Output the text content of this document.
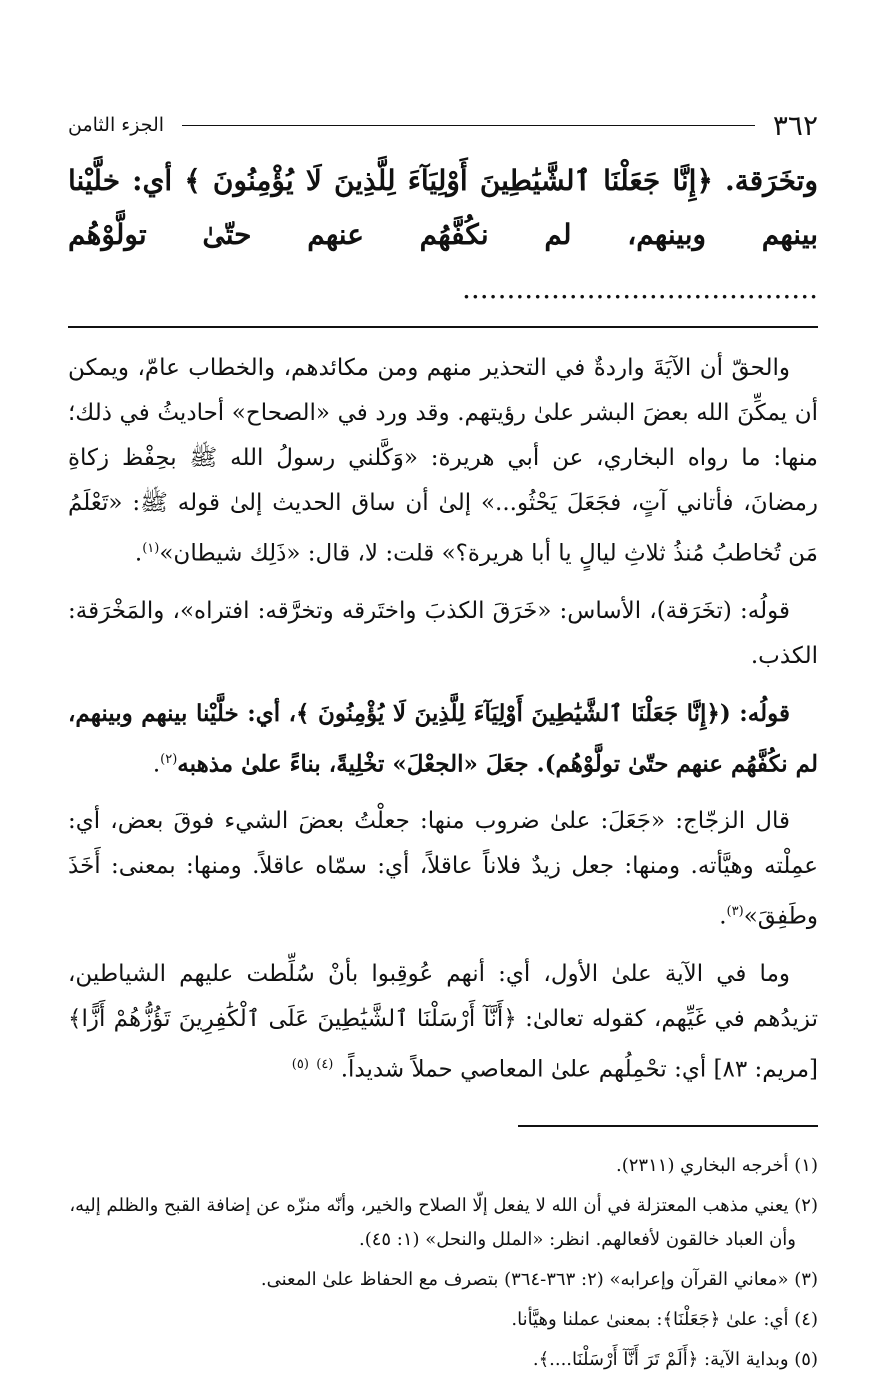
٣٦٢
الجزء الثامن
وتخَرَقة. ﴿إِنَّا جَعَلْنَا ٱلشَّيَٰطِينَ أَوْلِيَآءَ لِلَّذِينَ لَا يُؤْمِنُونَ ﴾ أي: خلَّيْنا بينهم وبينهم، لم نكُفَّهُم عنهم حتّىٰ تولَّوْهُم ........................................

والحقّ أن الآيَةَ واردةٌ في التحذير منهم ومن مكائدهم، والخطاب عامّ، ويمكن أن يمكِّنَ الله بعضَ البشر علىٰ رؤيتهم. وقد ورد في «الصحاح» أحاديثُ في ذلك؛ منها: ما رواه البخاري، عن أبي هريرة: «وَكَّلني رسولُ الله ﷺ بحِفْظ زكاةِ رمضانَ، فأتاني آتٍ، فجَعَلَ يَحْثُو...» إلىٰ أن ساق الحديث إلىٰ قوله ﷺ: «تَعْلَمُ مَن تُخاطبُ مُنذُ ثلاثِ ليالٍ يا أبا هريرة؟» قلت: لا، قال: «ذَلِك شيطان»$^{(١)}$.

قولُه: (تخَرَقة)، الأساس: «خَرَقَ الكذبَ واختَرقه وتخرَّقه: افتراه»، والمَخْرَقة: الكذب.

قولُه: (﴿إِنَّا جَعَلْنَا ٱلشَّيَٰطِينَ أَوْلِيَآءَ لِلَّذِينَ لَا يُؤْمِنُونَ ﴾، أي: خلَّيْنا بينهم وبينهم، لم نكُفَّهُم عنهم حتّىٰ تولَّوْهُم). جعَلَ «الجعْلَ» تخْلِيةً، بناءً علىٰ مذهبه$^{(٢)}$.

قال الزجّاج: «جَعَلَ: علىٰ ضروب منها: جعلْتُ بعضَ الشيء فوقَ بعض، أي: عمِلْته وهيَّأته. ومنها: جعل زيدٌ فلاناً عاقلاً، أي: سمّاه عاقلاً. ومنها: بمعنى: أَخَذَ وطَفِقَ»$^{(٣)}$.

وما في الآية علىٰ الأول، أي: أنهم عُوقِبوا بأنْ سُلِّطت عليهم الشياطين، تزيدُهم في غَيِّهم، كقوله تعالىٰ: ﴿أَنَّآ أَرْسَلْنَا ٱلشَّيَٰطِينَ عَلَى ٱلْكَٰفِرِينَ تَؤُزُّهُمْ أَزًّا﴾ [مريم: ٨٣] أي: تحْمِلُهم علىٰ المعاصي حملاً شديداً. $^{(٤)}$ $^{(٥)}$

(١) أخرجه البخاري (٢٣١١).
(٢) يعني مذهب المعتزلة في أن الله لا يفعل إلّا الصلاح والخير، وأنّه منزّه عن إضافة القبح والظلم إليه،
وأن العباد خالقون لأفعالهم. انظر: «الملل والنحل» (١: ٤٥).
(٣) «معاني القرآن وإعرابه» (٢: ٣٦٣-٣٦٤) بتصرف مع الحفاظ علىٰ المعنى.
(٤) أي: علىٰ ﴿جَعَلْنَا﴾: بمعنىٰ عملنا وهيَّأنا.
(٥) وبداية الآية: ﴿أَلَمْ تَرَ أَنَّآ أَرْسَلْنَا....﴾.
